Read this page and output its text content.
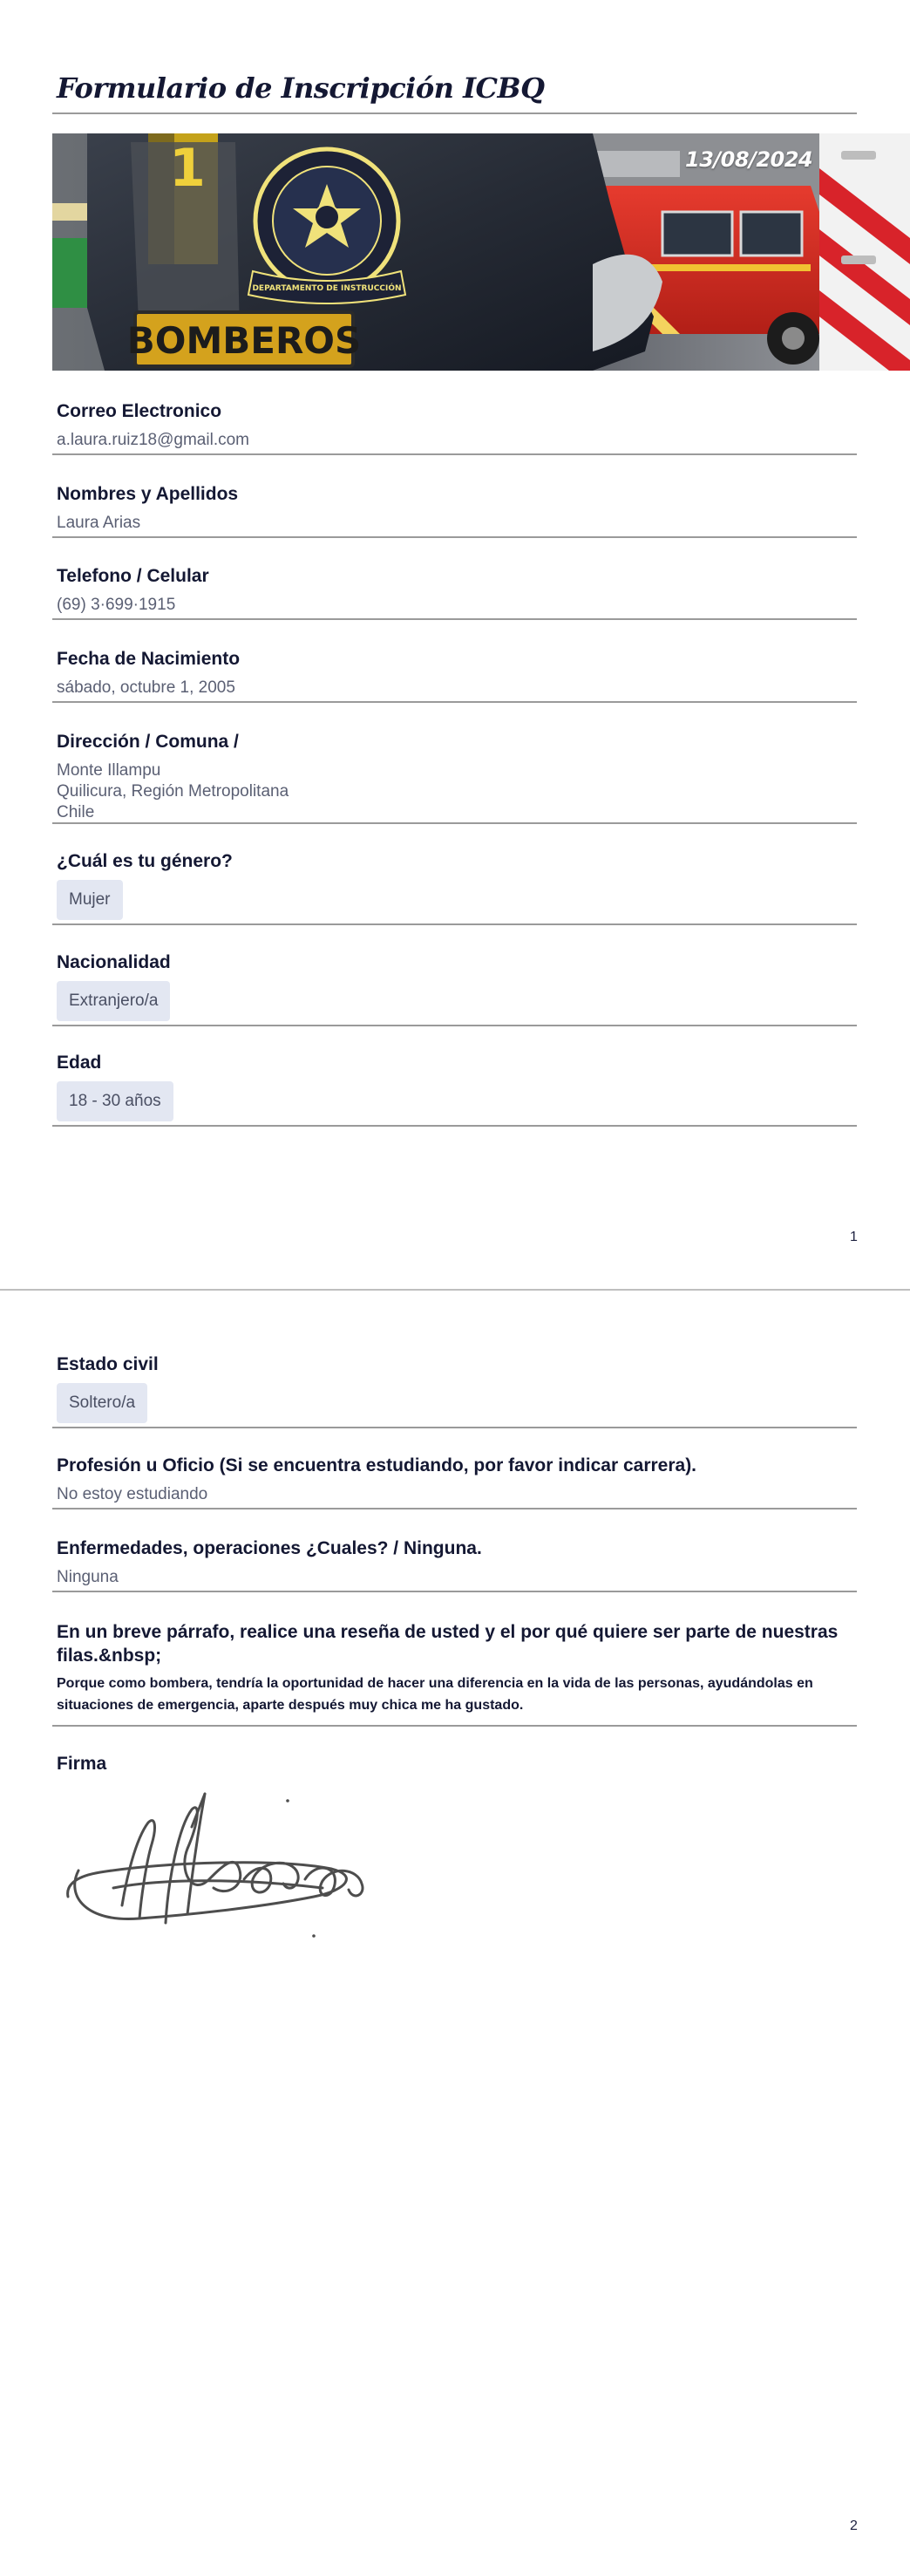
Formulario de Inscripción ICBQ
DEPARTAMENTO DE INSTRUCCIÓN
BOMBEROS
1	13/08/2024

Correo Electronico

a.laura.ruiz18@gmail.com

Nombres y Apellidos

Laura Arias

Telefono / Celular

(69) 3·699·1915

Fecha de Nacimiento

sábado, octubre 1, 2005

Dirección / Comuna /

Monte Illampu
Quilicura, Región Metropolitana
Chile

¿Cuál es tu género?

Mujer

Nacionalidad

Extranjero/a

Edad

18 - 30 años
1

Estado civil

Soltero/a

Profesión u Oficio (Si se encuentra estudiando, por favor indicar carrera).

No estoy estudiando

Enfermedades, operaciones ¿Cuales? / Ninguna.

Ninguna

En un breve párrafo, realice una reseña de usted y el por qué quiere ser parte de nuestras filas.&nbsp;

Porque como bombera, tendría la oportunidad de hacer una diferencia en la vida de las personas, ayudándolas en situaciones de emergencia, aparte después muy chica me ha gustado.

Firma

2
